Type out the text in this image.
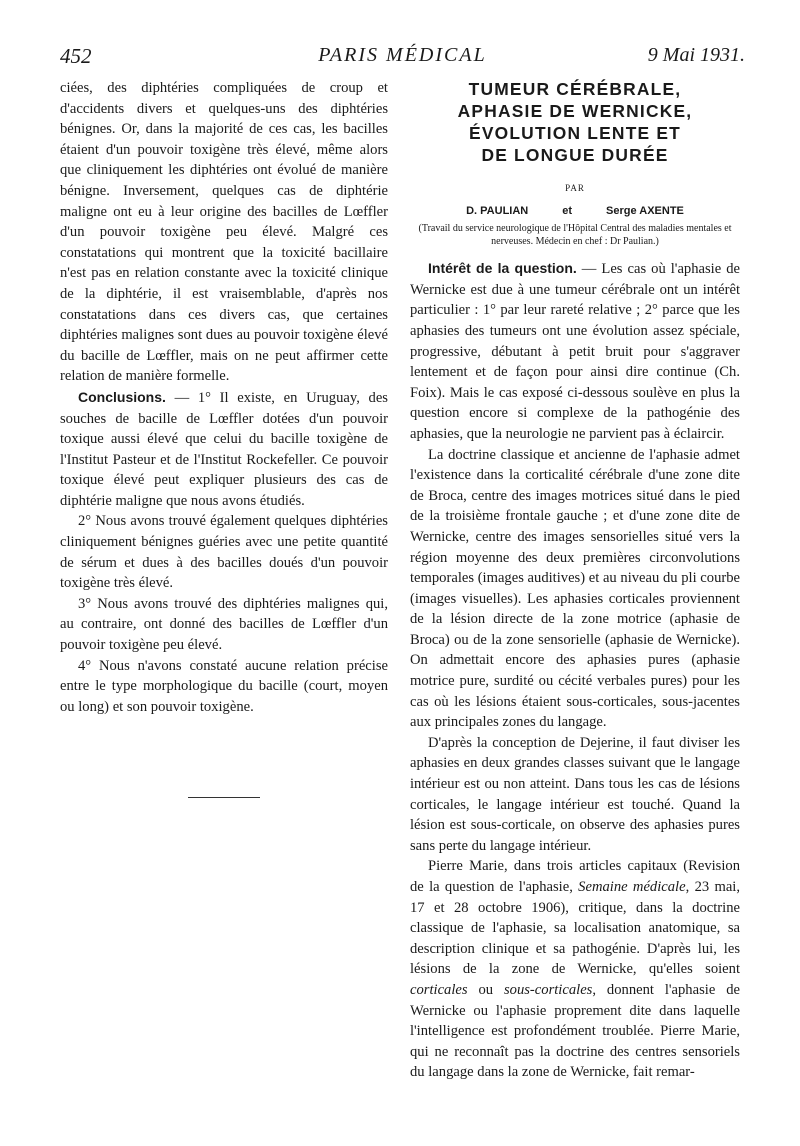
452	PARIS MÉDICAL	9 Mai 1931.

ciées, des diphtéries compliquées de croup et d'accidents divers et quelques-uns des diphtéries bénignes. Or, dans la majorité de ces cas, les bacilles étaient d'un pouvoir toxigène très élevé, même alors que cliniquement les diphtéries ont évolué de manière bénigne. Inversement, quelques cas de diphtérie maligne ont eu à leur origine des bacilles de Lœffler d'un pouvoir toxigène peu élevé. Malgré ces constatations qui montrent que la toxicité bacillaire n'est pas en relation constante avec la toxicité clinique de la diphtérie, il est vraisemblable, d'après nos constatations dans ces divers cas, que certaines diphtéries malignes sont dues au pouvoir toxigène élevé du bacille de Lœffler, mais on ne peut affirmer cette relation de manière formelle.

Conclusions. — 1° Il existe, en Uruguay, des souches de bacille de Lœffler dotées d'un pouvoir toxique aussi élevé que celui du bacille toxigène de l'Institut Pasteur et de l'Institut Rockefeller. Ce pouvoir toxique élevé peut expliquer plusieurs des cas de diphtérie maligne que nous avons étudiés.

2° Nous avons trouvé également quelques diphtéries cliniquement bénignes guéries avec une petite quantité de sérum et dues à des bacilles doués d'un pouvoir toxigène très élevé.

3° Nous avons trouvé des diphtéries malignes qui, au contraire, ont donné des bacilles de Lœffler d'un pouvoir toxigène peu élevé.

4° Nous n'avons constaté aucune relation précise entre le type morphologique du bacille (court, moyen ou long) et son pouvoir toxigène.

TUMEUR CÉRÉBRALE,
APHASIE DE WERNICKE,
ÉVOLUTION LENTE ET
DE LONGUE DURÉE
PAR
D. PAULIAN	et	Serge AXENTE
(Travail du service neurologique de l'Hôpital Central des maladies mentales et nerveuses. Médecin en chef : Dr Paulian.)

Intérêt de la question. — Les cas où l'aphasie de Wernicke est due à une tumeur cérébrale ont un intérêt particulier : 1° par leur rareté relative ; 2° parce que les aphasies des tumeurs ont une évolution assez spéciale, progressive, débutant à petit bruit pour s'aggraver lentement et de façon pour ainsi dire continue (Ch. Foix). Mais le cas exposé ci-dessous soulève en plus la question encore si complexe de la pathogénie des aphasies, que la neurologie ne parvient pas à éclaircir.

La doctrine classique et ancienne de l'aphasie admet l'existence dans la corticalité cérébrale d'une zone dite de Broca, centre des images motrices situé dans le pied de la troisième frontale gauche ; et d'une zone dite de Wernicke, centre des images sensorielles situé vers la région moyenne des deux premières circonvolutions temporales (images auditives) et au niveau du pli courbe (images visuelles). Les aphasies corticales proviennent de la lésion directe de la zone motrice (aphasie de Broca) ou de la zone sensorielle (aphasie de Wernicke). On admettait encore des aphasies pures (aphasie motrice pure, surdité ou cécité verbales pures) pour les cas où les lésions étaient sous-corticales, sous-jacentes aux principales zones du langage.

D'après la conception de Dejerine, il faut diviser les aphasies en deux grandes classes suivant que le langage intérieur est ou non atteint. Dans tous les cas de lésions corticales, le langage intérieur est touché. Quand la lésion est sous-corticale, on observe des aphasies pures sans perte du langage intérieur.

Pierre Marie, dans trois articles capitaux (Revision de la question de l'aphasie, Semaine médicale, 23 mai, 17 et 28 octobre 1906), critique, dans la doctrine classique de l'aphasie, sa localisation anatomique, sa description clinique et sa pathogénie. D'après lui, les lésions de la zone de Wernicke, qu'elles soient corticales ou sous-corticales, donnent l'aphasie de Wernicke ou l'aphasie proprement dite dans laquelle l'intelligence est profondément troublée. Pierre Marie, qui ne reconnaît pas la doctrine des centres sensoriels du langage dans la zone de Wernicke, fait remar-
